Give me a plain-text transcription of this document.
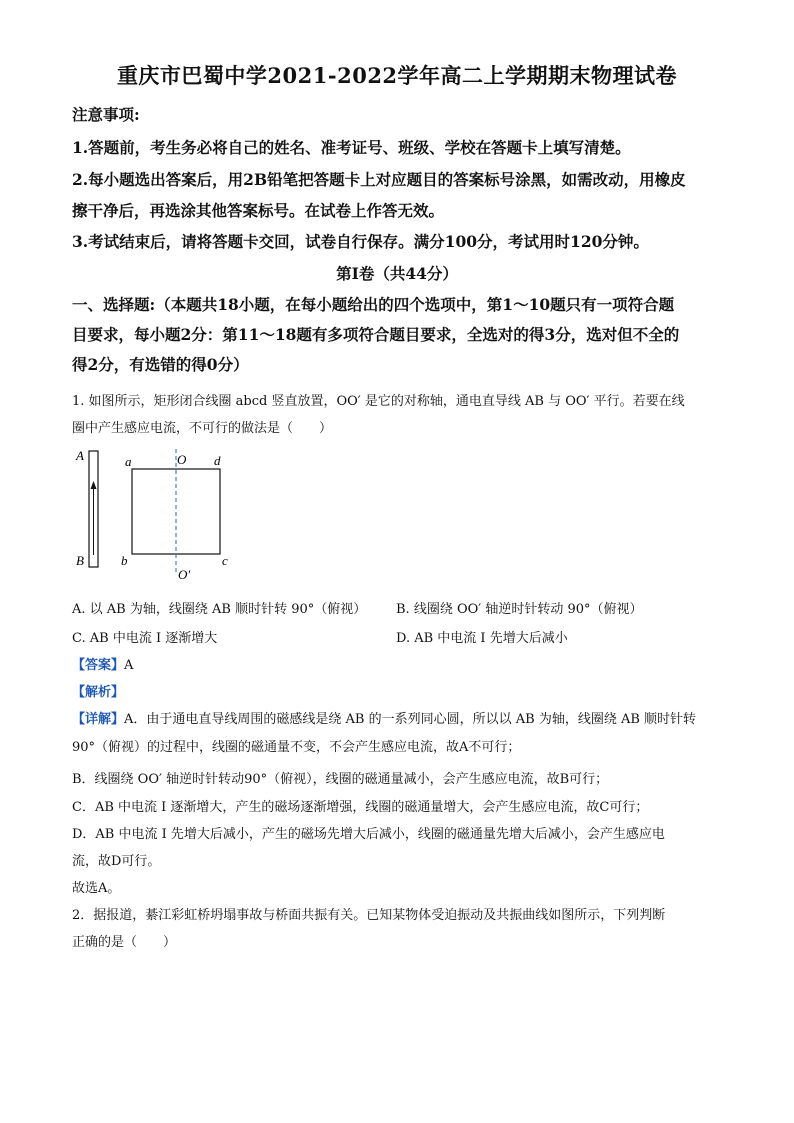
重庆市巴蜀中学2021-2022学年高二上学期期末物理试卷
注意事项:
1.答题前，考生务必将自己的姓名、准考证号、班级、学校在答题卡上填写清楚。
2.每小题选出答案后，用2B铅笔把答题卡上对应题目的答案标号涂黑，如需改动，用橡皮
擦干净后，再选涂其他答案标号。在试卷上作答无效。
3.考试结束后，请将答题卡交回，试卷自行保存。满分100分，考试用时120分钟。
第Ⅰ卷（共44分）
一、选择题:（本题共18小题，在每小题给出的四个选项中，第1～10题只有一项符合题
目要求，每小题2分：第11～18题有多项符合题目要求，全选对的得3分，选对但不全的
得2分，有选错的得0分）
1. 如图所示，矩形闭合线圈 abcd 竖直放置，OO′ 是它的对称轴，通电直导线 AB 与 OO′ 平行。若要在线
圈中产生感应电流，不可行的做法是（　　）
A
B
a
b	c
d
O
O′
A. 以 AB 为轴，线圈绕 AB 顺时针转 90°（俯视） B. 线圈绕 OO′ 轴逆时针转动 90°（俯视）
C. AB 中电流 I 逐渐增大	D. AB 中电流 I 先增大后减小
【答案】A
【解析】
【详解】A．由于通电直导线周围的磁感线是绕 AB 的一系列同心圆，所以以 AB 为轴，线圈绕 AB 顺时针转
90°（俯视）的过程中，线圈的磁通量不变，不会产生感应电流，故A不可行；
B．线圈绕 OO′ 轴逆时针转动90°（俯视），线圈的磁通量减小，会产生感应电流，故B可行；
C．AB 中电流 I 逐渐增大，产生的磁场逐渐增强，线圈的磁通量增大，会产生感应电流，故C可行；
D．AB 中电流 I 先增大后减小，产生的磁场先增大后减小，线圈的磁通量先增大后减小，会产生感应电
流，故D可行。
故选A。
2．据报道，綦江彩虹桥坍塌事故与桥面共振有关。已知某物体受迫振动及共振曲线如图所示，下列判断
正确的是（　　）
